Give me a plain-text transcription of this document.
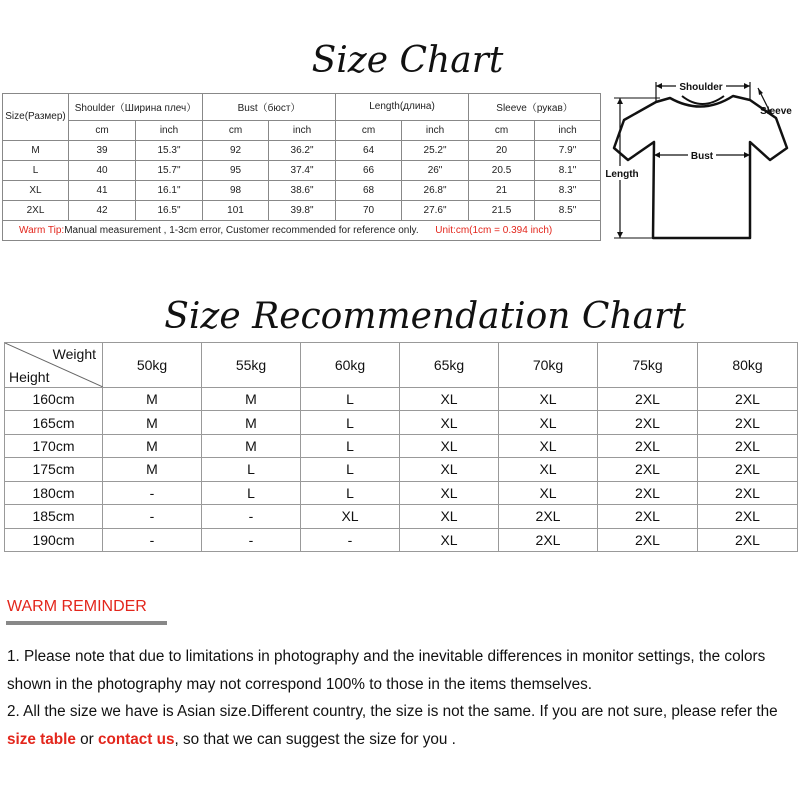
Size Chart
Size(Размер)	Shoulder（Ширина плеч）		Bust（бюст）		Length(длина)		Sleeve（рукав）	
	cm	inch	cm	inch	cm	inch	cm	inch
M	39	15.3"	92	36.2"	64	25.2"	20	7.9"
L	40	15.7"	95	37.4"	66	26"	20.5	8.1"
XL	41	16.1"	98	38.6"	68	26.8"	21	8.3"
2XL	42	16.5"	101	39.8"	70	27.6"	21.5	8.5"
Warm Tip:Manual measurement , 1-3cm error, Customer recommended for reference only. Unit:cm(1cm = 0.394 inch)								
Shoulder
Sleeve
Bust
Length
Size Recommendation Chart
Weight
Height	50kg	55kg	60kg	65kg	70kg	75kg	80kg
160cm	M	M	L	XL	XL	2XL	2XL
165cm	M	M	L	XL	XL	2XL	2XL
170cm	M	M	L	XL	XL	2XL	2XL
175cm	M	L	L	XL	XL	2XL	2XL
180cm	-	L	L	XL	XL	2XL	2XL
185cm	-	-	XL	XL	2XL	2XL	2XL
190cm	-	-	-	XL	2XL	2XL	2XL
WARM REMINDER

1. Please note that due to limitations in photography and the inevitable differences in monitor settings, the colors shown in the photography may not correspond 100% to those in the items themselves.

2. All the size we have is Asian size.Different country, the size is not the same. If you are not sure, please refer the size table or contact us, so that we can suggest the size for you .
